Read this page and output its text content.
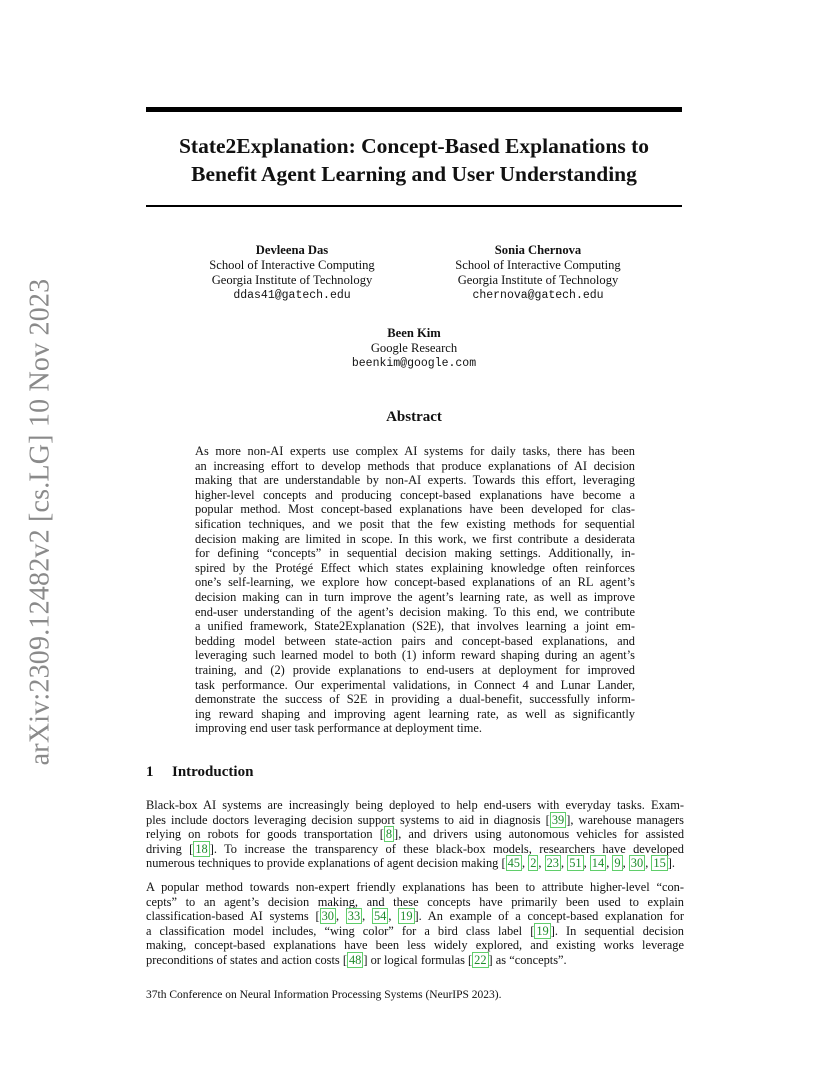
arXiv:2309.12482v2 [cs.LG] 10 Nov 2023
State2Explanation: Concept-Based Explanations to
Benefit Agent Learning and User Understanding
Devleena Das
School of Interactive Computing
Georgia Institute of Technology
ddas41@gatech.edu
Sonia Chernova
School of Interactive Computing
Georgia Institute of Technology
chernova@gatech.edu
Been Kim
Google Research
beenkim@google.com
Abstract
As more non-AI experts use complex AI systems for daily tasks, there has been
an increasing effort to develop methods that produce explanations of AI decision
making that are understandable by non-AI experts. Towards this effort, leveraging
higher-level concepts and producing concept-based explanations have become a
popular method. Most concept-based explanations have been developed for clas-
sification techniques, and we posit that the few existing methods for sequential
decision making are limited in scope. In this work, we first contribute a desiderata
for defining “concepts” in sequential decision making settings. Additionally, in-
spired by the Protégé Effect which states explaining knowledge often reinforces
one’s self-learning, we explore how concept-based explanations of an RL agent’s
decision making can in turn improve the agent’s learning rate, as well as improve
end-user understanding of the agent’s decision making. To this end, we contribute
a unified framework, State2Explanation (S2E), that involves learning a joint em-
bedding model between state-action pairs and concept-based explanations, and
leveraging such learned model to both (1) inform reward shaping during an agent’s
training, and (2) provide explanations to end-users at deployment for improved
task performance. Our experimental validations, in Connect 4 and Lunar Lander,
demonstrate the success of S2E in providing a dual-benefit, successfully inform-
ing reward shaping and improving agent learning rate, as well as significantly
improving end user task performance at deployment time.
1 Introduction
Black-box AI systems are increasingly being deployed to help end-users with everyday tasks. Exam-
ples include doctors leveraging decision support systems to aid in diagnosis [ 39 ], warehouse managers
relying on robots for goods transportation [ 8 ], and drivers using autonomous vehicles for assisted
driving [ 18 ]. To increase the transparency of these black-box models, researchers have developed
numerous techniques to provide explanations of agent decision making [ 45 , 2 , 23 , 51 , 14 , 9 , 30 , 15 ].
A popular method towards non-expert friendly explanations has been to attribute higher-level “con-
cepts” to an agent’s decision making, and these concepts have primarily been used to explain
classification-based AI systems [ 30 , 33 , 54 , 19 ]. An example of a concept-based explanation for
a classification model includes, “wing color” for a bird class label [ 19 ]. In sequential decision
making, concept-based explanations have been less widely explored, and existing works leverage
preconditions of states and action costs [ 48 ] or logical formulas [ 22 ] as “concepts”.
37th Conference on Neural Information Processing Systems (NeurIPS 2023).
